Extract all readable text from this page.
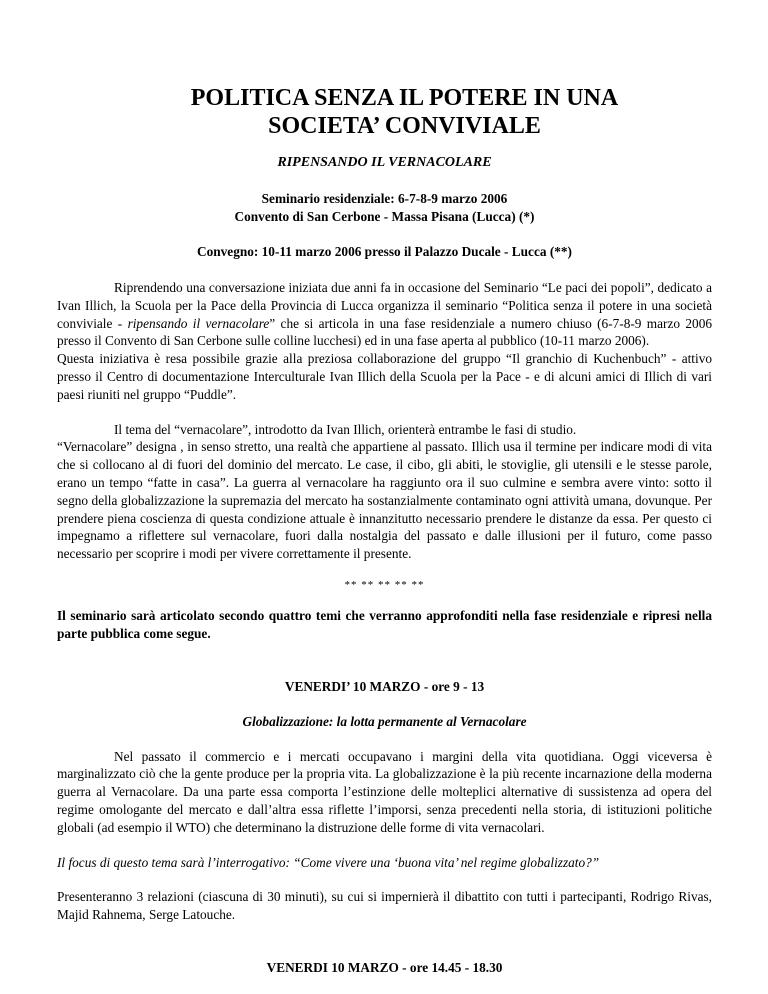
POLITICA SENZA IL POTERE IN UNA
SOCIETA’ CONVIVIALE

RIPENSANDO IL VERNACOLARE

Seminario residenziale: 6-7-8-9 marzo 2006

Convento di San Cerbone - Massa Pisana (Lucca) (*)

Convegno: 10-11 marzo 2006 presso il Palazzo Ducale - Lucca (**)

Riprendendo una conversazione iniziata due anni fa in occasione del Seminario “Le paci dei popoli”, dedicato a Ivan Illich, la Scuola per la Pace della Provincia di Lucca organizza il seminario “Politica senza il potere in una società conviviale - ripensando il vernacolare” che si articola in una fase residenziale a numero chiuso (6-7-8-9 marzo 2006 presso il Convento di San Cerbone sulle colline lucchesi) ed in una fase aperta al pubblico (10-11 marzo 2006).

Questa iniziativa è resa possibile grazie alla preziosa collaborazione del gruppo “Il granchio di Kuchenbuch” - attivo presso il Centro di documentazione Interculturale Ivan Illich della Scuola per la Pace - e di alcuni amici di Illich di vari paesi riuniti nel gruppo “Puddle”.

Il tema del “vernacolare”, introdotto da Ivan Illich, orienterà entrambe le fasi di studio.

“Vernacolare” designa , in senso stretto, una realtà che appartiene al passato. Illich usa il termine per indicare modi di vita che si collocano al di fuori del dominio del mercato. Le case, il cibo, gli abiti, le stoviglie, gli utensili e le stesse parole, erano un tempo “fatte in casa”. La guerra al vernacolare ha raggiunto ora il suo culmine e sembra avere vinto: sotto il segno della globalizzazione la supremazia del mercato ha sostanzialmente contaminato ogni attività umana, dovunque. Per prendere piena coscienza di questa condizione attuale è innanzitutto necessario prendere le distanze da essa. Per questo ci impegnamo a riflettere sul vernacolare, fuori dalla nostalgia del passato e dalle illusioni per il futuro, come passo necessario per scoprire i modi per vivere correttamente il presente.

** ** ** ** **

Il seminario sarà articolato secondo quattro temi che verranno approfonditi nella fase residenziale e ripresi nella parte pubblica come segue.

VENERDI’ 10 MARZO - ore 9 - 13

Globalizzazione: la lotta permanente al Vernacolare

Nel passato il commercio e i mercati occupavano i margini della vita quotidiana. Oggi viceversa è marginalizzato ciò che la gente produce per la propria vita. La globalizzazione è la più recente incarnazione della moderna guerra al Vernacolare. Da una parte essa comporta l’estinzione delle molteplici alternative di sussistenza ad opera del regime omologante del mercato e dall’altra essa riflette l’imporsi, senza precedenti nella storia, di istituzioni politiche globali (ad esempio il WTO) che determinano la distruzione delle forme di vita vernacolari.

Il focus di questo tema sarà l’interrogativo: “Come vivere una ‘buona vita’ nel regime globalizzato?”

Presenteranno 3 relazioni (ciascuna di 30 minuti), su cui si impernierà il dibattito con tutti i partecipanti, Rodrigo Rivas, Majid Rahnema, Serge Latouche.

VENERDI 10 MARZO - ore 14.45 - 18.30
